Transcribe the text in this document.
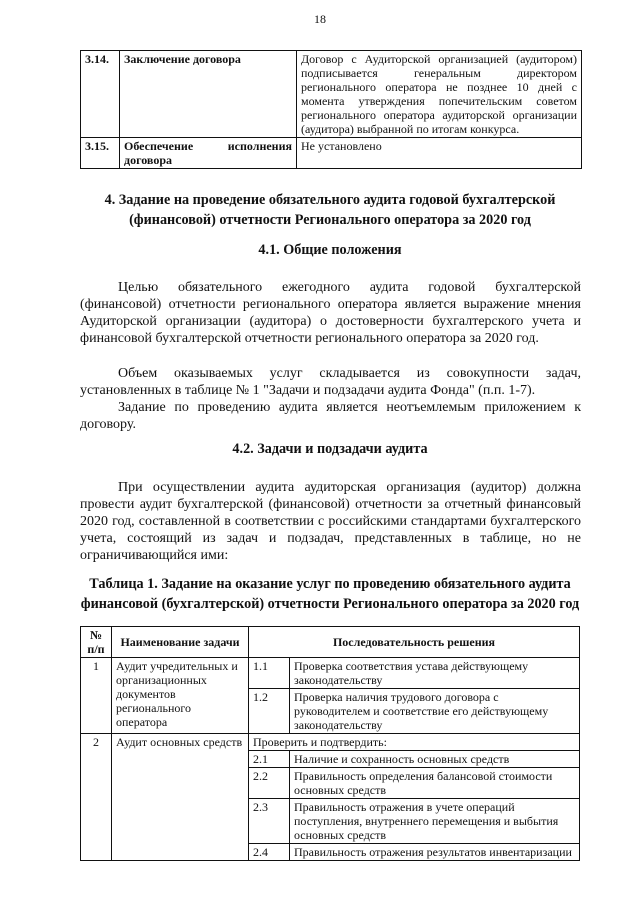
18
3.14.	Заключение договора	Договор с Аудиторской организацией (аудитором) подписывается генеральным директором регионального оператора не позднее 10 дней с момента утверждения попечительским советом регионального оператора аудиторской организации (аудитора) выбранной по итогам конкурса.
3.15.	Обеспечение исполнения договора	Не установлено
4. Задание на проведение обязательного аудита годовой бухгалтерской (финансовой) отчетности Регионального оператора за 2020 год
4.1. Общие положения

Целью обязательного ежегодного аудита годовой бухгалтерской (финансовой) отчетности регионального оператора является выражение мнения Аудиторской организации (аудитора) о достоверности бухгалтерского учета и финансовой бухгалтерской отчетности регионального оператора за 2020 год.

Объем оказываемых услуг складывается из совокупности задач, установленных в таблице № 1 "Задачи и подзадачи аудита Фонда" (п.п. 1-7).

Задание по проведению аудита является неотъемлемым приложением к договору.

4.2. Задачи и подзадачи аудита

При осуществлении аудита аудиторская организация (аудитор) должна провести аудит бухгалтерской (финансовой) отчетности за отчетный финансовый 2020 год, составленной в соответствии с российскими стандартами бухгалтерского учета, состоящий из задач и подзадач, представленных в таблице, но не ограничивающийся ими:

Таблица 1. Задание на оказание услуг по проведению обязательного аудита финансовой (бухгалтерской) отчетности Регионального оператора за 2020 год
№ п/п	Наименование задачи	Последовательность решения	
1	Аудит учредительных и организационных документов регионального оператора	1.1	Проверка соответствия устава действующему законодательству
		1.2	Проверка наличия трудового договора с руководителем и соответствие его действующему законодательству
2	Аудит основных средств	Проверить и подтвердить:	
		2.1	Наличие и сохранность основных средств
		2.2	Правильность определения балансовой стоимости основных средств
		2.3	Правильность отражения в учете операций поступления, внутреннего перемещения и выбытия основных средств
		2.4	Правильность отражения результатов инвентаризации
